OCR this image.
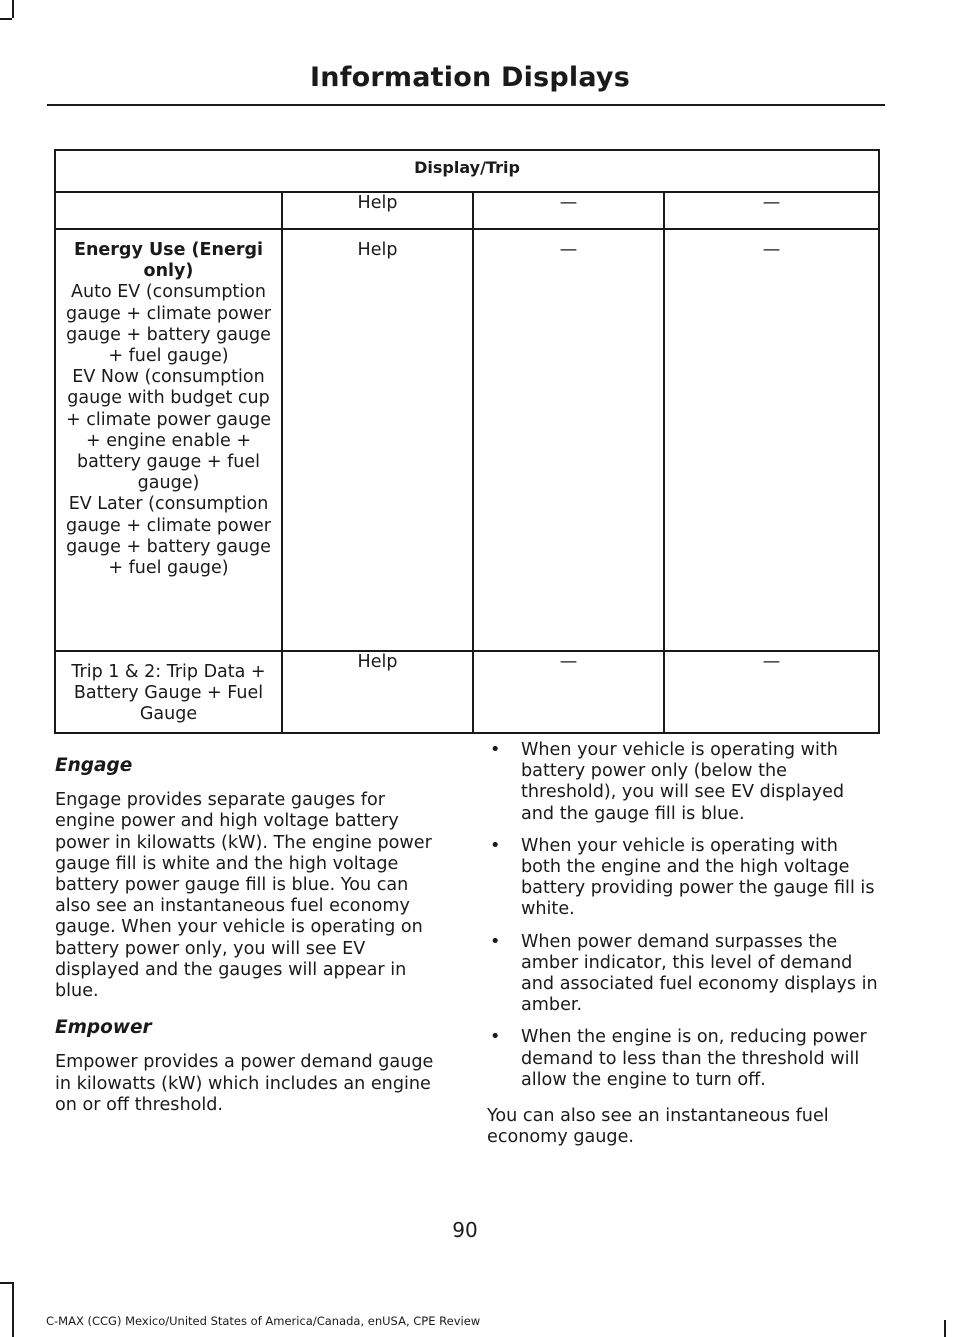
Information Displays
Display/Trip			
	Help	—	—

Energy Use (Energi only)
Auto EV (consumption gauge + climate power gauge + battery gauge + fuel gauge)
EV Now (consumption gauge with budget cup + climate power gauge + engine enable + battery gauge + fuel gauge)
EV Later (consumption gauge + climate power gauge + battery gauge + fuel gauge)	Help	—	—

Trip 1 & 2: Trip Data + Battery Gauge + Fuel Gauge	Help	—	—
Engage

Engage provides separate gauges for engine power and high voltage battery power in kilowatts (kW). The engine power gauge fill is white and the high voltage battery power gauge fill is blue. You can also see an instantaneous fuel economy gauge. When your vehicle is operating on battery power only, you will see EV displayed and the gauges will appear in blue.

Empower

Empower provides a power demand gauge in kilowatts (kW) which includes an engine on or off threshold.

• When your vehicle is operating with battery power only (below the threshold), you will see EV displayed and the gauge fill is blue.
• When your vehicle is operating with both the engine and the high voltage battery providing power the gauge fill is white.
• When power demand surpasses the amber indicator, this level of demand and associated fuel economy displays in amber.
• When the engine is on, reducing power demand to less than the threshold will allow the engine to turn off.

You can also see an instantaneous fuel economy gauge.

90
C-MAX (CCG) Mexico/United States of America/Canada, enUSA, CPE Review
